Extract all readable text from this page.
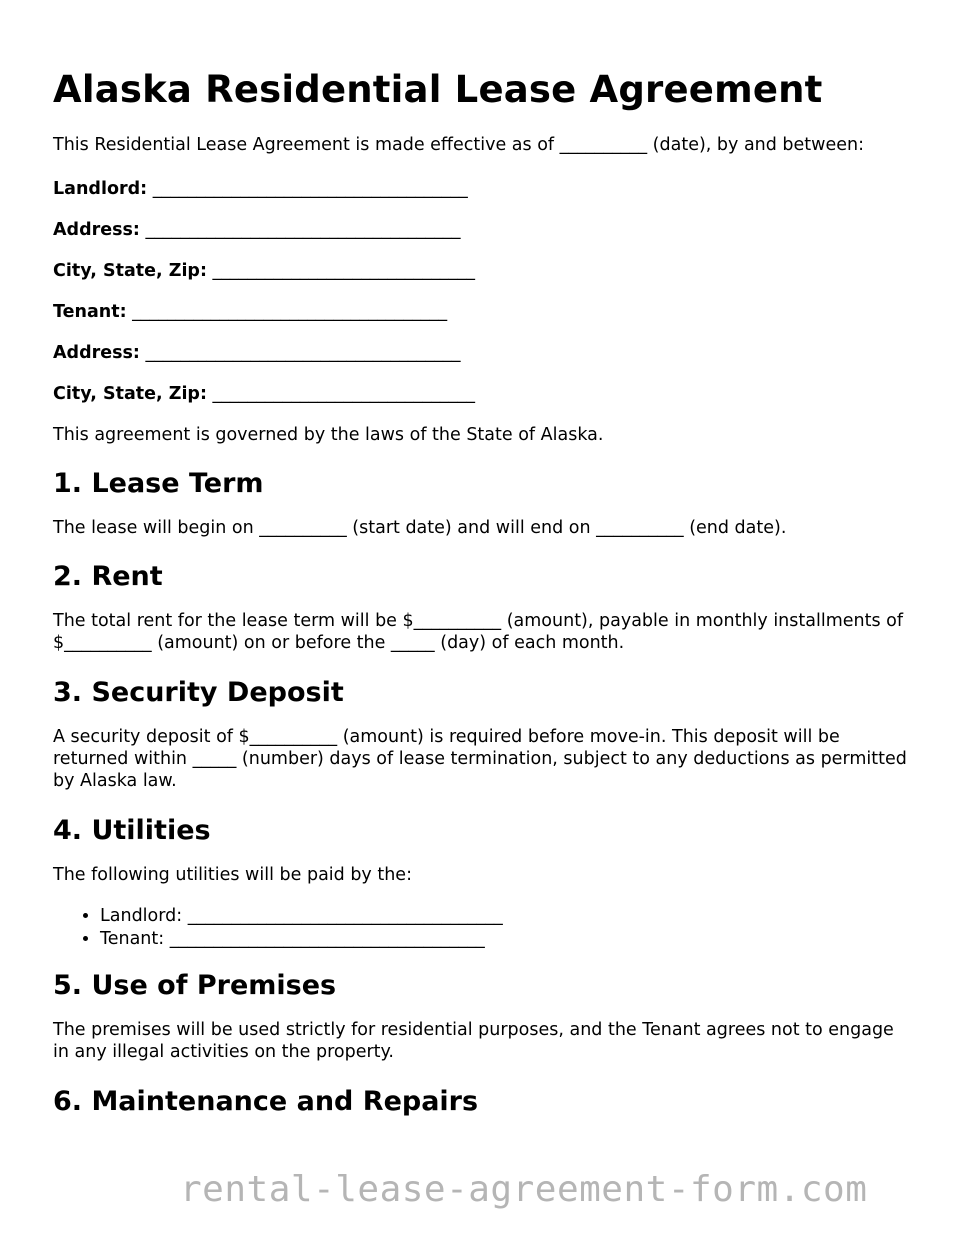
Alaska Residential Lease Agreement

This Residential Lease Agreement is made effective as of __________ (date), by and between:

Landlord: ____________________________________
Address: ____________________________________
City, State, Zip: ______________________________
Tenant: ____________________________________
Address: ____________________________________
City, State, Zip: ______________________________

This agreement is governed by the laws of the State of Alaska.

1. Lease Term

The lease will begin on __________ (start date) and will end on __________ (end date).

2. Rent

The total rent for the lease term will be $__________ (amount), payable in monthly installments of $__________ (amount) on or before the _____ (day) of each month.

3. Security Deposit

A security deposit of $__________ (amount) is required before move-in. This deposit will be returned within _____ (number) days of lease termination, subject to any deductions as permitted by Alaska law.

4. Utilities

The following utilities will be paid by the:

• Landlord: ____________________________________
• Tenant: ____________________________________
5. Use of Premises

The premises will be used strictly for residential purposes, and the Tenant agrees not to engage in any illegal activities on the property.

6. Maintenance and Repairs
rental-lease-agreement-form.com
